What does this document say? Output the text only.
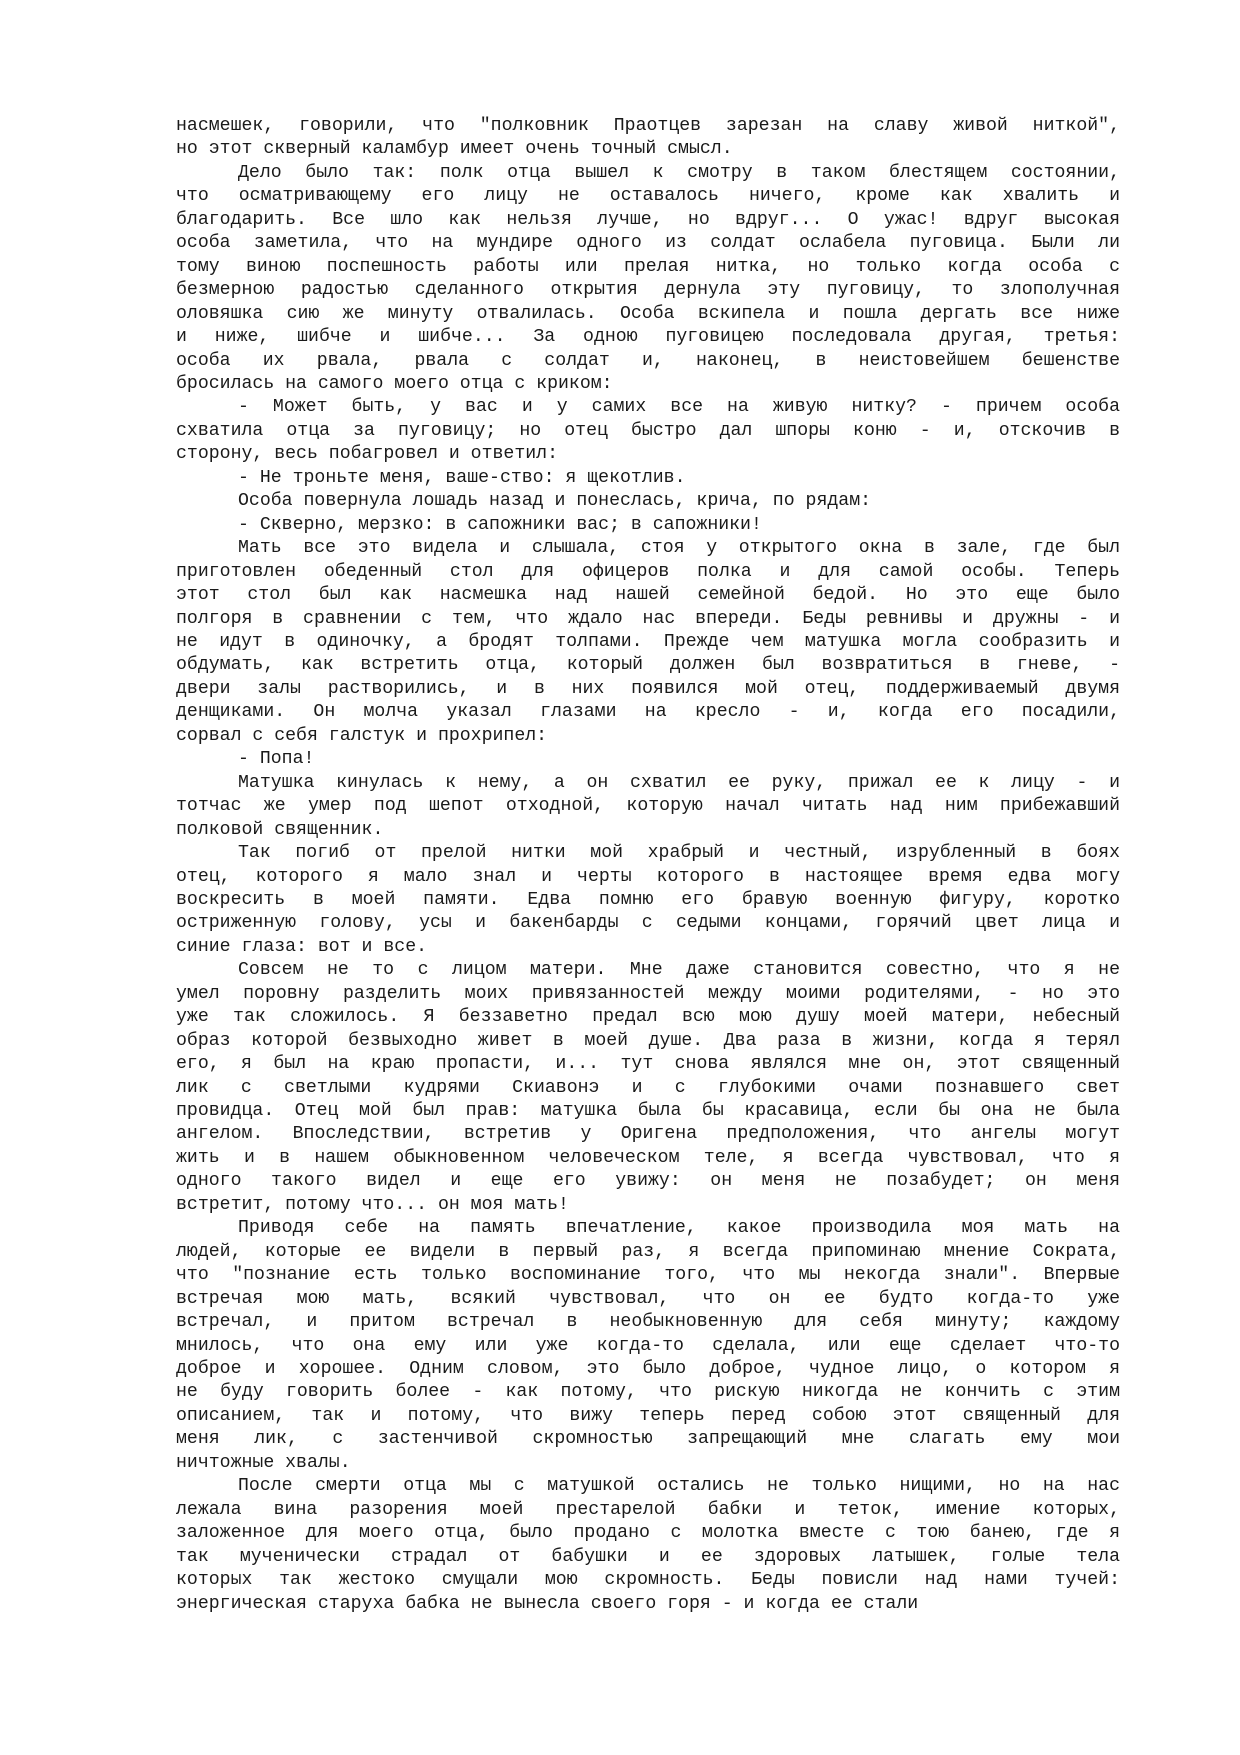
насмешек, говорили, что "полковник Праотцев зарезан на славу живой ниткой",
но этот скверный каламбур имеет очень точный смысл.
Дело было так: полк отца вышел к смотру в таком блестящем состоянии,
что осматривающему его лицу не оставалось ничего, кроме как хвалить и
благодарить. Все шло как нельзя лучше, но вдруг... О ужас! вдруг высокая
особа заметила, что на мундире одного из солдат ослабела пуговица. Были ли
тому виною поспешность работы или прелая нитка, но только когда особа с
безмерною радостью сделанного открытия дернула эту пуговицу, то злополучная
оловяшка сию же минуту отвалилась. Особа вскипела и пошла дергать все ниже
и ниже, шибче и шибче... За одною пуговицею последовала другая, третья:
особа их рвала, рвала с солдат и, наконец, в неистовейшем бешенстве
бросилась на самого моего отца с криком:
- Может быть, у вас и у самих все на живую нитку? - причем особа
схватила отца за пуговицу; но отец быстро дал шпоры коню - и, отскочив в
сторону, весь побагровел и ответил:
- Не троньте меня, ваше-ство: я щекотлив.
Особа повернула лошадь назад и понеслась, крича, по рядам:
- Скверно, мерзко: в сапожники вас; в сапожники!
Мать все это видела и слышала, стоя у открытого окна в зале, где был
приготовлен обеденный стол для офицеров полка и для самой особы. Теперь
этот стол был как насмешка над нашей семейной бедой. Но это еще было
полгоря в сравнении с тем, что ждало нас впереди. Беды ревнивы и дружны - и
не идут в одиночку, а бродят толпами. Прежде чем матушка могла сообразить и
обдумать, как встретить отца, который должен был возвратиться в гневе, -
двери залы растворились, и в них появился мой отец, поддерживаемый двумя
денщиками. Он молча указал глазами на кресло - и, когда его посадили,
сорвал с себя галстук и прохрипел:
- Попа!
Матушка кинулась к нему, а он схватил ее руку, прижал ее к лицу - и
тотчас же умер под шепот отходной, которую начал читать над ним прибежавший
полковой священник.
Так погиб от прелой нитки мой храбрый и честный, изрубленный в боях
отец, которого я мало знал и черты которого в настоящее время едва могу
воскресить в моей памяти. Едва помню его бравую военную фигуру, коротко
остриженную голову, усы и бакенбарды с седыми концами, горячий цвет лица и
синие глаза: вот и все.
Совсем не то с лицом матери. Мне даже становится совестно, что я не
умел поровну разделить моих привязанностей между моими родителями, - но это
уже так сложилось. Я беззаветно предал всю мою душу моей матери, небесный
образ которой безвыходно живет в моей душе. Два раза в жизни, когда я терял
его, я был на краю пропасти, и... тут снова являлся мне он, этот священный
лик с светлыми кудрями Скиавонэ и с глубокими очами познавшего свет
провидца. Отец мой был прав: матушка была бы красавица, если бы она не была
ангелом. Впоследствии, встретив у Оригена предположения, что ангелы могут
жить и в нашем обыкновенном человеческом теле, я всегда чувствовал, что я
одного такого видел и еще его увижу: он меня не позабудет; он меня
встретит, потому что... он моя мать!
Приводя себе на память впечатление, какое производила моя мать на
людей, которые ее видели в первый раз, я всегда припоминаю мнение Сократа,
что "познание есть только воспоминание того, что мы некогда знали". Впервые
встречая мою мать, всякий чувствовал, что он ее будто когда-то уже
встречал, и притом встречал в необыкновенную для себя минуту; каждому
мнилось, что она ему или уже когда-то сделала, или еще сделает что-то
доброе и хорошее. Одним словом, это было доброе, чудное лицо, о котором я
не буду говорить более - как потому, что рискую никогда не кончить с этим
описанием, так и потому, что вижу теперь перед собою этот священный для
меня лик, с застенчивой скромностью запрещающий мне слагать ему мои
ничтожные хвалы.
После смерти отца мы с матушкой остались не только нищими, но на нас
лежала вина разорения моей престарелой бабки и теток, имение которых,
заложенное для моего отца, было продано с молотка вместе с тою банею, где я
так мученически страдал от бабушки и ее здоровых латышек, голые тела
которых так жестоко смущали мою скромность. Беды повисли над нами тучей:
энергическая старуха бабка не вынесла своего горя - и когда ее стали
